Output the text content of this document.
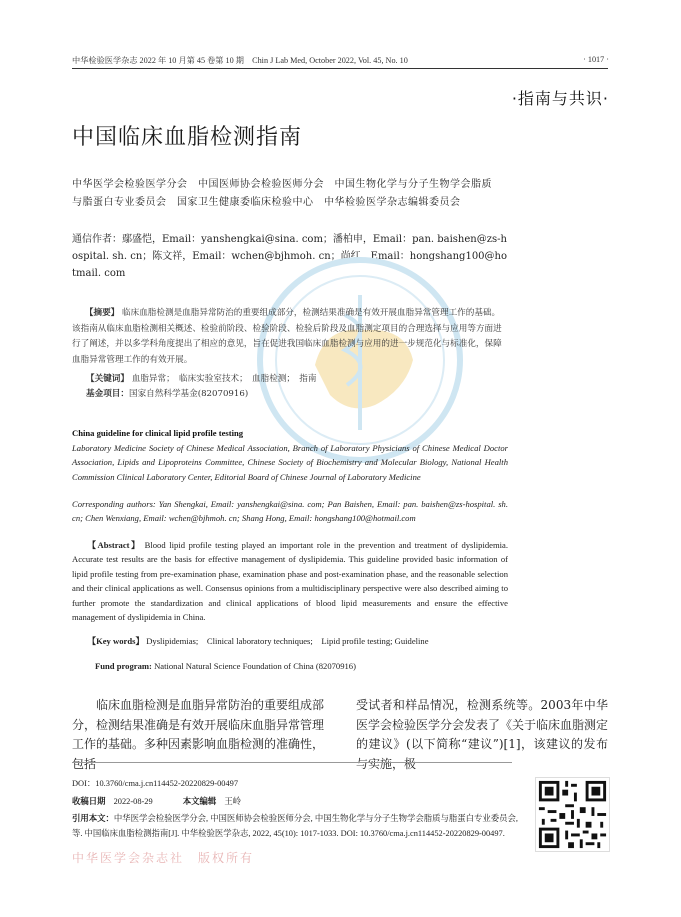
中华检验医学杂志 2022 年 10 月第 45 卷第 10 期　Chin J Lab Med, October 2022, Vol. 45, No. 10	· 1017 ·
·指南与共识·
中国临床血脂检测指南
中华医学会检验医学分会　中国医师协会检验医师分会　中国生物化学与分子生物学会脂质与脂蛋白专业委员会　国家卫生健康委临床检验中心　中华检验医学杂志编辑委员会
通信作者：鄢盛恺，Email：yanshengkai@sina. com；潘柏申，Email：pan. baishen@zs-hospital. sh. cn；陈文祥，Email：wchen@bjhmoh. cn；尚红，Email：hongshang100@hotmail. com
【摘要】 临床血脂检测是血脂异常防治的重要组成部分，检测结果准确是有效开展血脂异常管理工作的基础。该指南从临床血脂检测相关概述、检验前阶段、检验阶段、检验后阶段及血脂测定项目的合理选择与应用等方面进行了阐述，并以多学科角度提出了相应的意见，旨在促进我国临床血脂检测与应用的进一步规范化与标准化，保障血脂异常管理工作的有效开展。
【关键词】 血脂异常；　临床实验室技术；　血脂检测；　指南
基金项目：国家自然科学基金(82070916)
China guideline for clinical lipid profile testing
Laboratory Medicine Society of Chinese Medical Association, Branch of Laboratory Physicians of Chinese Medical Doctor Association, Lipids and Lipoproteins Committee, Chinese Society of Biochemistry and Molecular Biology, National Health Commission Clinical Laboratory Center, Editorial Board of Chinese Journal of Laboratory Medicine
Corresponding authors: Yan Shengkai, Email: yanshengkai@sina. com; Pan Baishen, Email: pan. baishen@zs-hospital. sh. cn; Chen Wenxiang, Email: wchen@bjhmoh. cn; Shang Hong, Email: hongshang100@hotmail.com
【Abstract】 Blood lipid profile testing played an important role in the prevention and treatment of dyslipidemia. Accurate test results are the basis for effective management of dyslipidemia. This guideline provided basic information of lipid profile testing from pre-examination phase, examination phase and post-examination phase, and the reasonable selection and their clinical applications as well. Consensus opinions from a multidisciplinary perspective were also described aiming to further promote the standardization and clinical applications of blood lipid measurements and ensure the effective management of dyslipidemia in China.
【Key words】 Dyslipidemias;　Clinical laboratory techniques;　Lipid profile testing; Guideline
Fund program: National Natural Science Foundation of China (82070916)
临床血脂检测是血脂异常防治的重要组成部分，检测结果准确是有效开展临床血脂异常管理工作的基础。多种因素影响血脂检测的准确性，包括
受试者和样品情况，检测系统等。2003年中华医学会检验医学分会发表了《关于临床血脂测定的建议》(以下简称“建议”)[1]，该建议的发布与实施，极
DOI：10.3760/cma.j.cn114452-20220829-00497
收稿日期 2022-08-29	本文编辑 王岭
引用本文：中华医学会检验医学分会, 中国医师协会检验医师分会, 中国生物化学与分子生物学会脂质与脂蛋白专业委员会, 等. 中国临床血脂检测指南[J]. 中华检验医学杂志, 2022, 45(10): 1017-1033. DOI: 10.3760/cma.j.cn114452-20220829-00497.
中华医学会杂志社　版权所有
